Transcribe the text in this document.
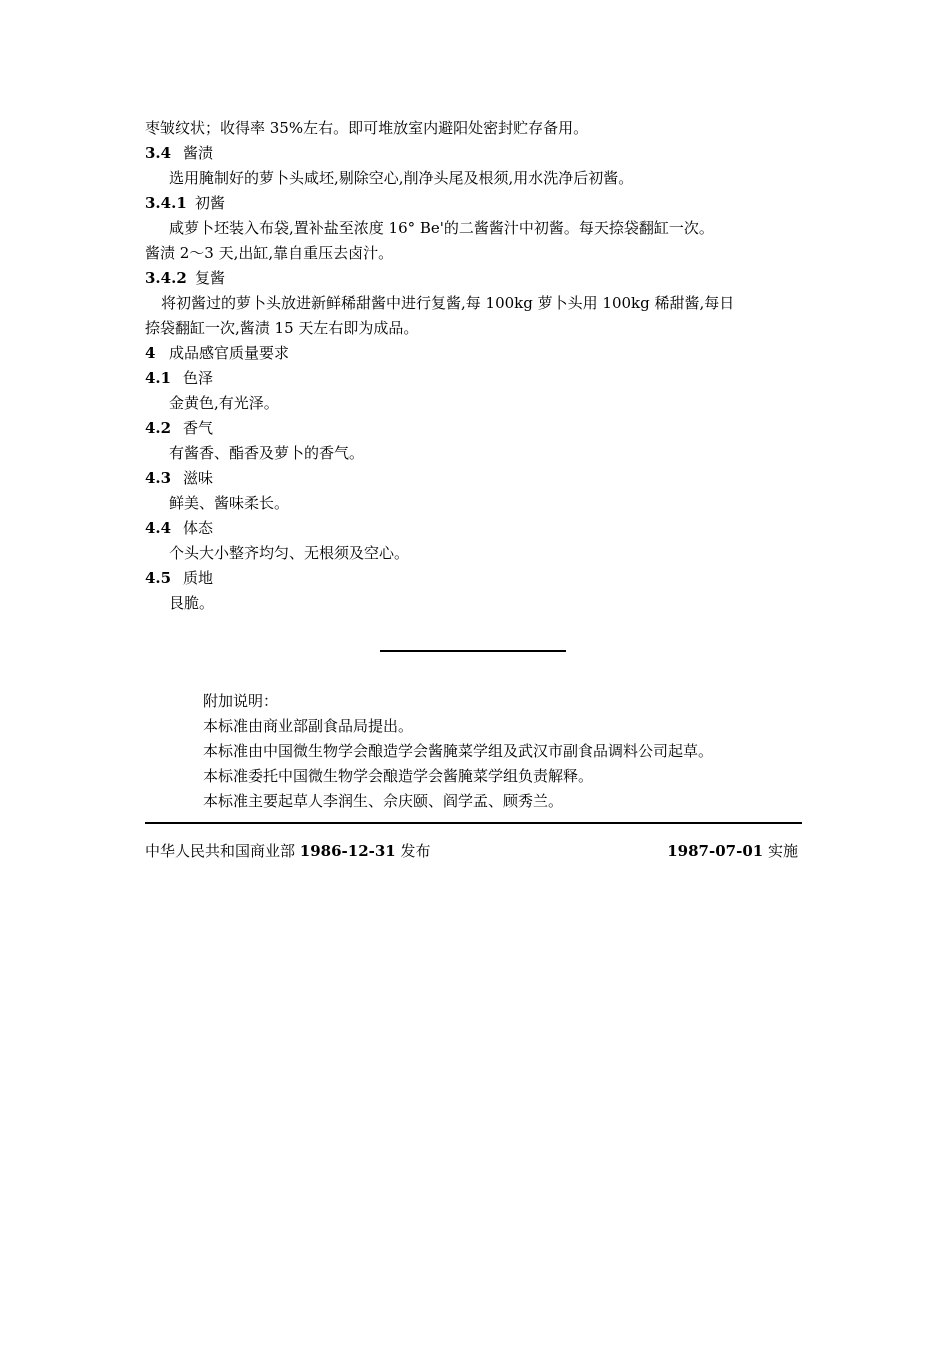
枣皱纹状；收得率 35%左右。即可堆放室内避阳处密封贮存备用。
3.4 酱渍
选用腌制好的萝卜头咸坯,剔除空心,削净头尾及根须,用水洗净后初酱。
3.4.1 初酱
咸萝卜坯装入布袋,置补盐至浓度 16° Be'的二酱酱汁中初酱。每天捺袋翻缸一次。
酱渍 2～3 天,出缸,靠自重压去卤汁。
3.4.2 复酱
将初酱过的萝卜头放进新鲜稀甜酱中进行复酱,每 100kg 萝卜头用 100kg 稀甜酱,每日
捺袋翻缸一次,酱渍 15 天左右即为成品。
4 成品感官质量要求
4.1 色泽
金黄色,有光泽。
4.2 香气
有酱香、酯香及萝卜的香气。
4.3 滋味
鲜美、酱味柔长。
4.4 体态
个头大小整齐均匀、无根须及空心。
4.5 质地
艮脆。
附加说明：
本标准由商业部副食品局提出。
本标准由中国微生物学会酿造学会酱腌菜学组及武汉市副食品调料公司起草。
本标准委托中国微生物学会酿造学会酱腌菜学组负责解释。
本标准主要起草人李润生、佘庆颐、阎学孟、顾秀兰。
中华人民共和国商业部 1986-12-31 发布	1987-07-01 实施
